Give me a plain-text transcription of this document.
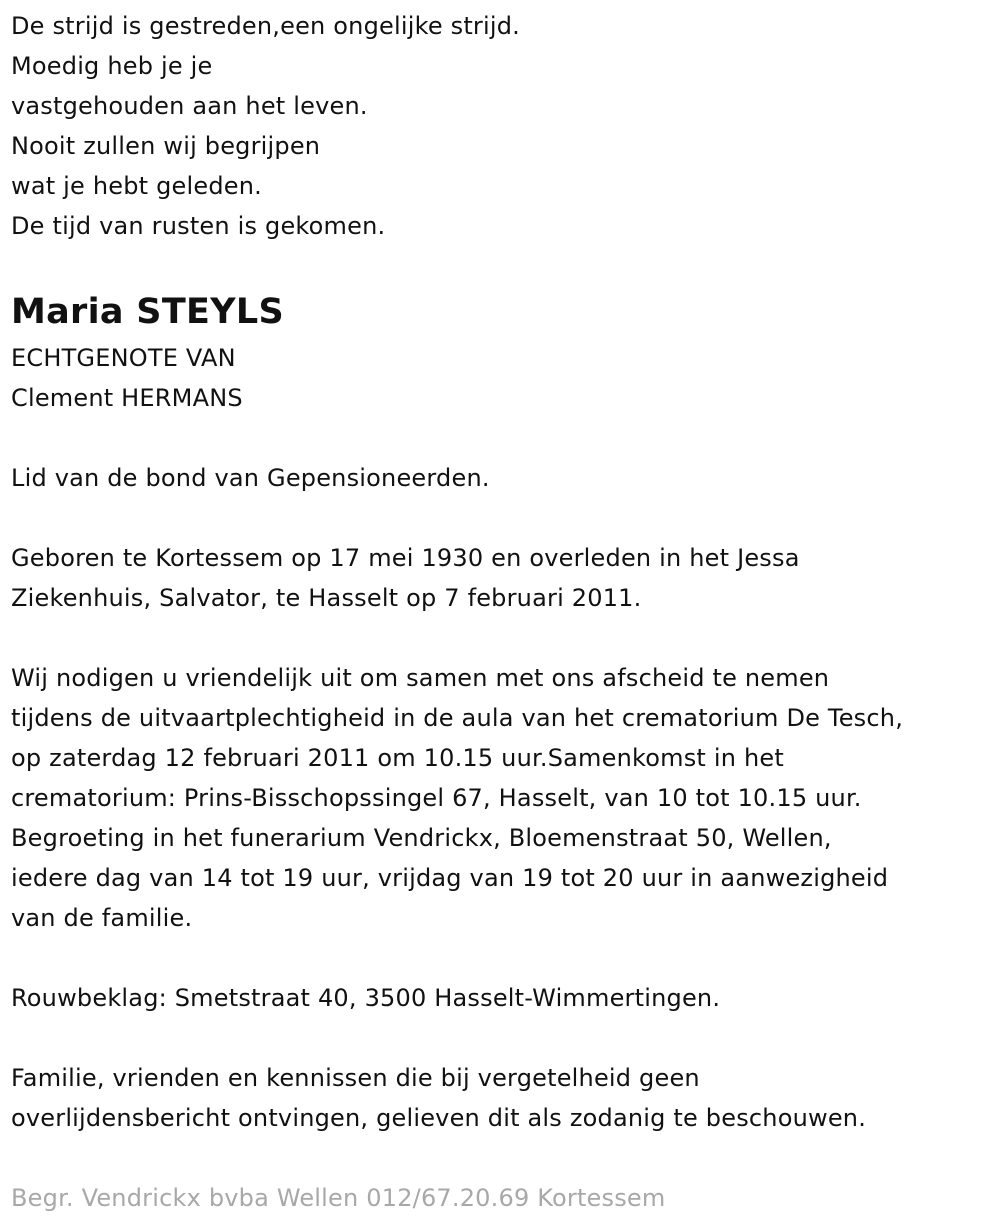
De strijd is gestreden,een ongelijke strijd.
Moedig heb je je
vastgehouden aan het leven.
Nooit zullen wij begrijpen
wat je hebt geleden.
De tijd van rusten is gekomen.
Maria STEYLS
ECHTGENOTE VAN
Clement HERMANS
Lid van de bond van Gepensioneerden.
Geboren te Kortessem op 17 mei 1930 en overleden in het Jessa
Ziekenhuis, Salvator, te Hasselt op 7 februari 2011.
Wij nodigen u vriendelijk uit om samen met ons afscheid te nemen
tijdens de uitvaartplechtigheid in de aula van het crematorium De Tesch,
op zaterdag 12 februari 2011 om 10.15 uur.Samenkomst in het
crematorium: Prins-Bisschopssingel 67, Hasselt, van 10 tot 10.15 uur.
Begroeting in het funerarium Vendrickx, Bloemenstraat 50, Wellen,
iedere dag van 14 tot 19 uur, vrijdag van 19 tot 20 uur in aanwezigheid
van de familie.
Rouwbeklag: Smetstraat 40, 3500 Hasselt-Wimmertingen.
Familie, vrienden en kennissen die bij vergetelheid geen
overlijdensbericht ontvingen, gelieven dit als zodanig te beschouwen.
Begr. Vendrickx bvba Wellen 012/67.20.69 Kortessem
